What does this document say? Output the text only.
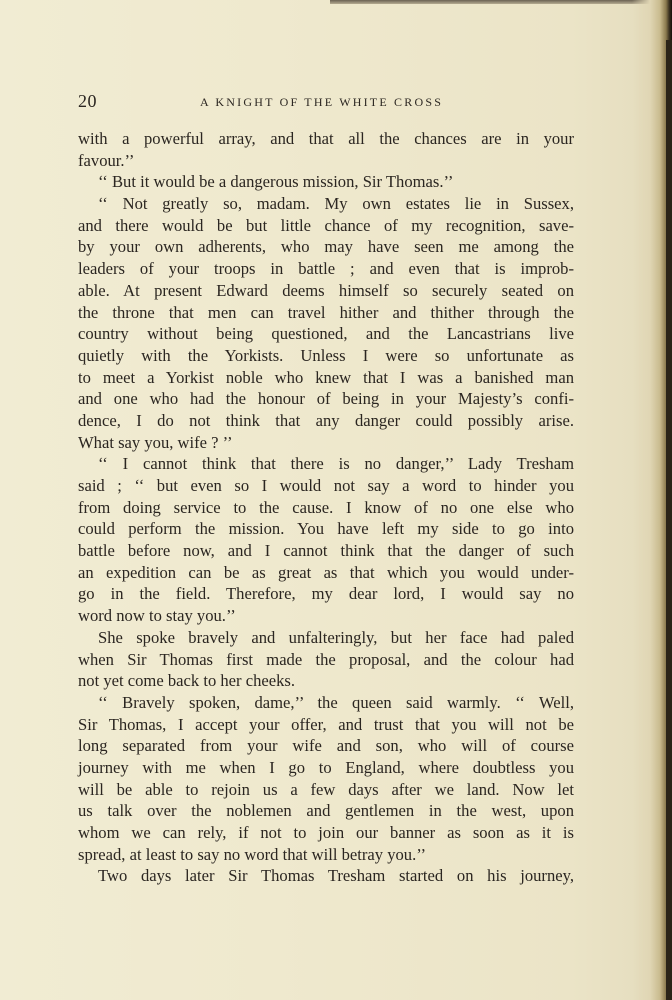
20	A KNIGHT OF THE WHITE CROSS
with a powerful array, and that all the chances are in your
favour.’’
‘‘ But it would be a dangerous mission, Sir Thomas.’’
‘‘ Not greatly so, madam. My own estates lie in Sussex,
and there would be but little chance of my recognition, save-
by your own adherents, who may have seen me among the
leaders of your troops in battle ; and even that is improb-
able. At present Edward deems himself so securely seated on
the throne that men can travel hither and thither through the
country without being questioned, and the Lancastrians live
quietly with the Yorkists. Unless I were so unfortunate as
to meet a Yorkist noble who knew that I was a banished man
and one who had the honour of being in your Majesty’s confi-
dence, I do not think that any danger could possibly arise.
What say you, wife ? ’’
‘‘ I cannot think that there is no danger,’’ Lady Tresham
said ; ‘‘ but even so I would not say a word to hinder you
from doing service to the cause. I know of no one else who
could perform the mission. You have left my side to go into
battle before now, and I cannot think that the danger of such
an expedition can be as great as that which you would under-
go in the field. Therefore, my dear lord, I would say no
word now to stay you.’’
She spoke bravely and unfalteringly, but her face had paled
when Sir Thomas first made the proposal, and the colour had
not yet come back to her cheeks.
‘‘ Bravely spoken, dame,’’ the queen said warmly. ‘‘ Well,
Sir Thomas, I accept your offer, and trust that you will not be
long separated from your wife and son, who will of course
journey with me when I go to England, where doubtless you
will be able to rejoin us a few days after we land. Now let
us talk over the noblemen and gentlemen in the west, upon
whom we can rely, if not to join our banner as soon as it is
spread, at least to say no word that will betray you.’’
Two days later Sir Thomas Tresham started on his journey,
